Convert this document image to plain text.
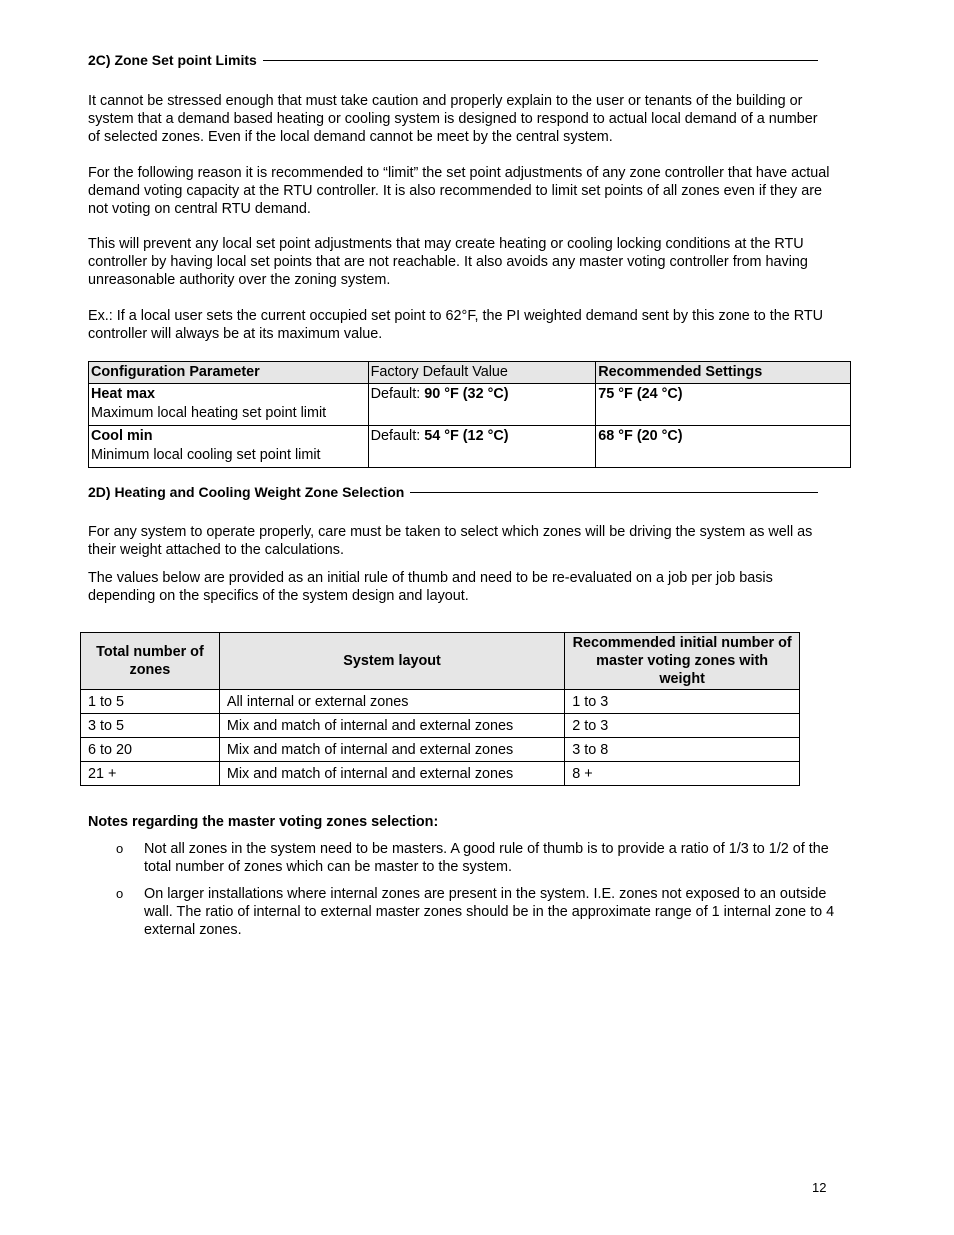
2C) Zone Set point Limits
It cannot be stressed enough that must take caution and properly explain to the user or tenants of the building or system that a demand based heating or cooling system is designed to respond to actual local demand of a number of selected zones. Even if the local demand cannot be meet by the central system.
For the following reason it is recommended to “limit” the set point adjustments of any zone controller that have actual demand voting capacity at the RTU controller. It is also recommended to limit set points of all zones even if they are not voting on central RTU demand.
This will prevent any local set point adjustments that may create heating or cooling locking conditions at the RTU controller by having local set points that are not reachable. It also avoids any master voting controller from having unreasonable authority over the zoning system.
Ex.: If a local user sets the current occupied set point to 62°F, the PI weighted demand sent by this zone to the RTU controller will always be at its maximum value.
Configuration Parameter	Factory Default Value	Recommended Settings

Heat max
Maximum local heating set point limit	Default: 90 °F (32 °C)	75 °F (24 °C)

Cool min
Minimum local cooling set point limit	Default: 54 °F (12 °C)	68 °F (20 °C)
2D) Heating and Cooling Weight Zone Selection
For any system to operate properly, care must be taken to select which zones will be driving the system as well as their weight attached to the calculations.
The values below are provided as an initial rule of thumb and need to be re-evaluated on a job per job basis depending on the specifics of the system design and layout.
Total number of zones	System layout	Recommended initial number of master voting zones with weight
1 to 5	All internal or external zones	1 to 3
3 to 5	Mix and match of internal and external zones	2 to 3
6 to 20	Mix and match of internal and external zones	3 to 8
21 +	Mix and match of internal and external zones	8 +
Notes regarding the master voting zones selection:
o	Not all zones in the system need to be masters. A good rule of thumb is to provide a ratio of 1/3 to 1/2 of the total number of zones which can be master to the system.
o	On larger installations where internal zones are present in the system. I.E. zones not exposed to an outside wall. The ratio of internal to external master zones should be in the approximate range of 1 internal zone to 4 external zones.
12
